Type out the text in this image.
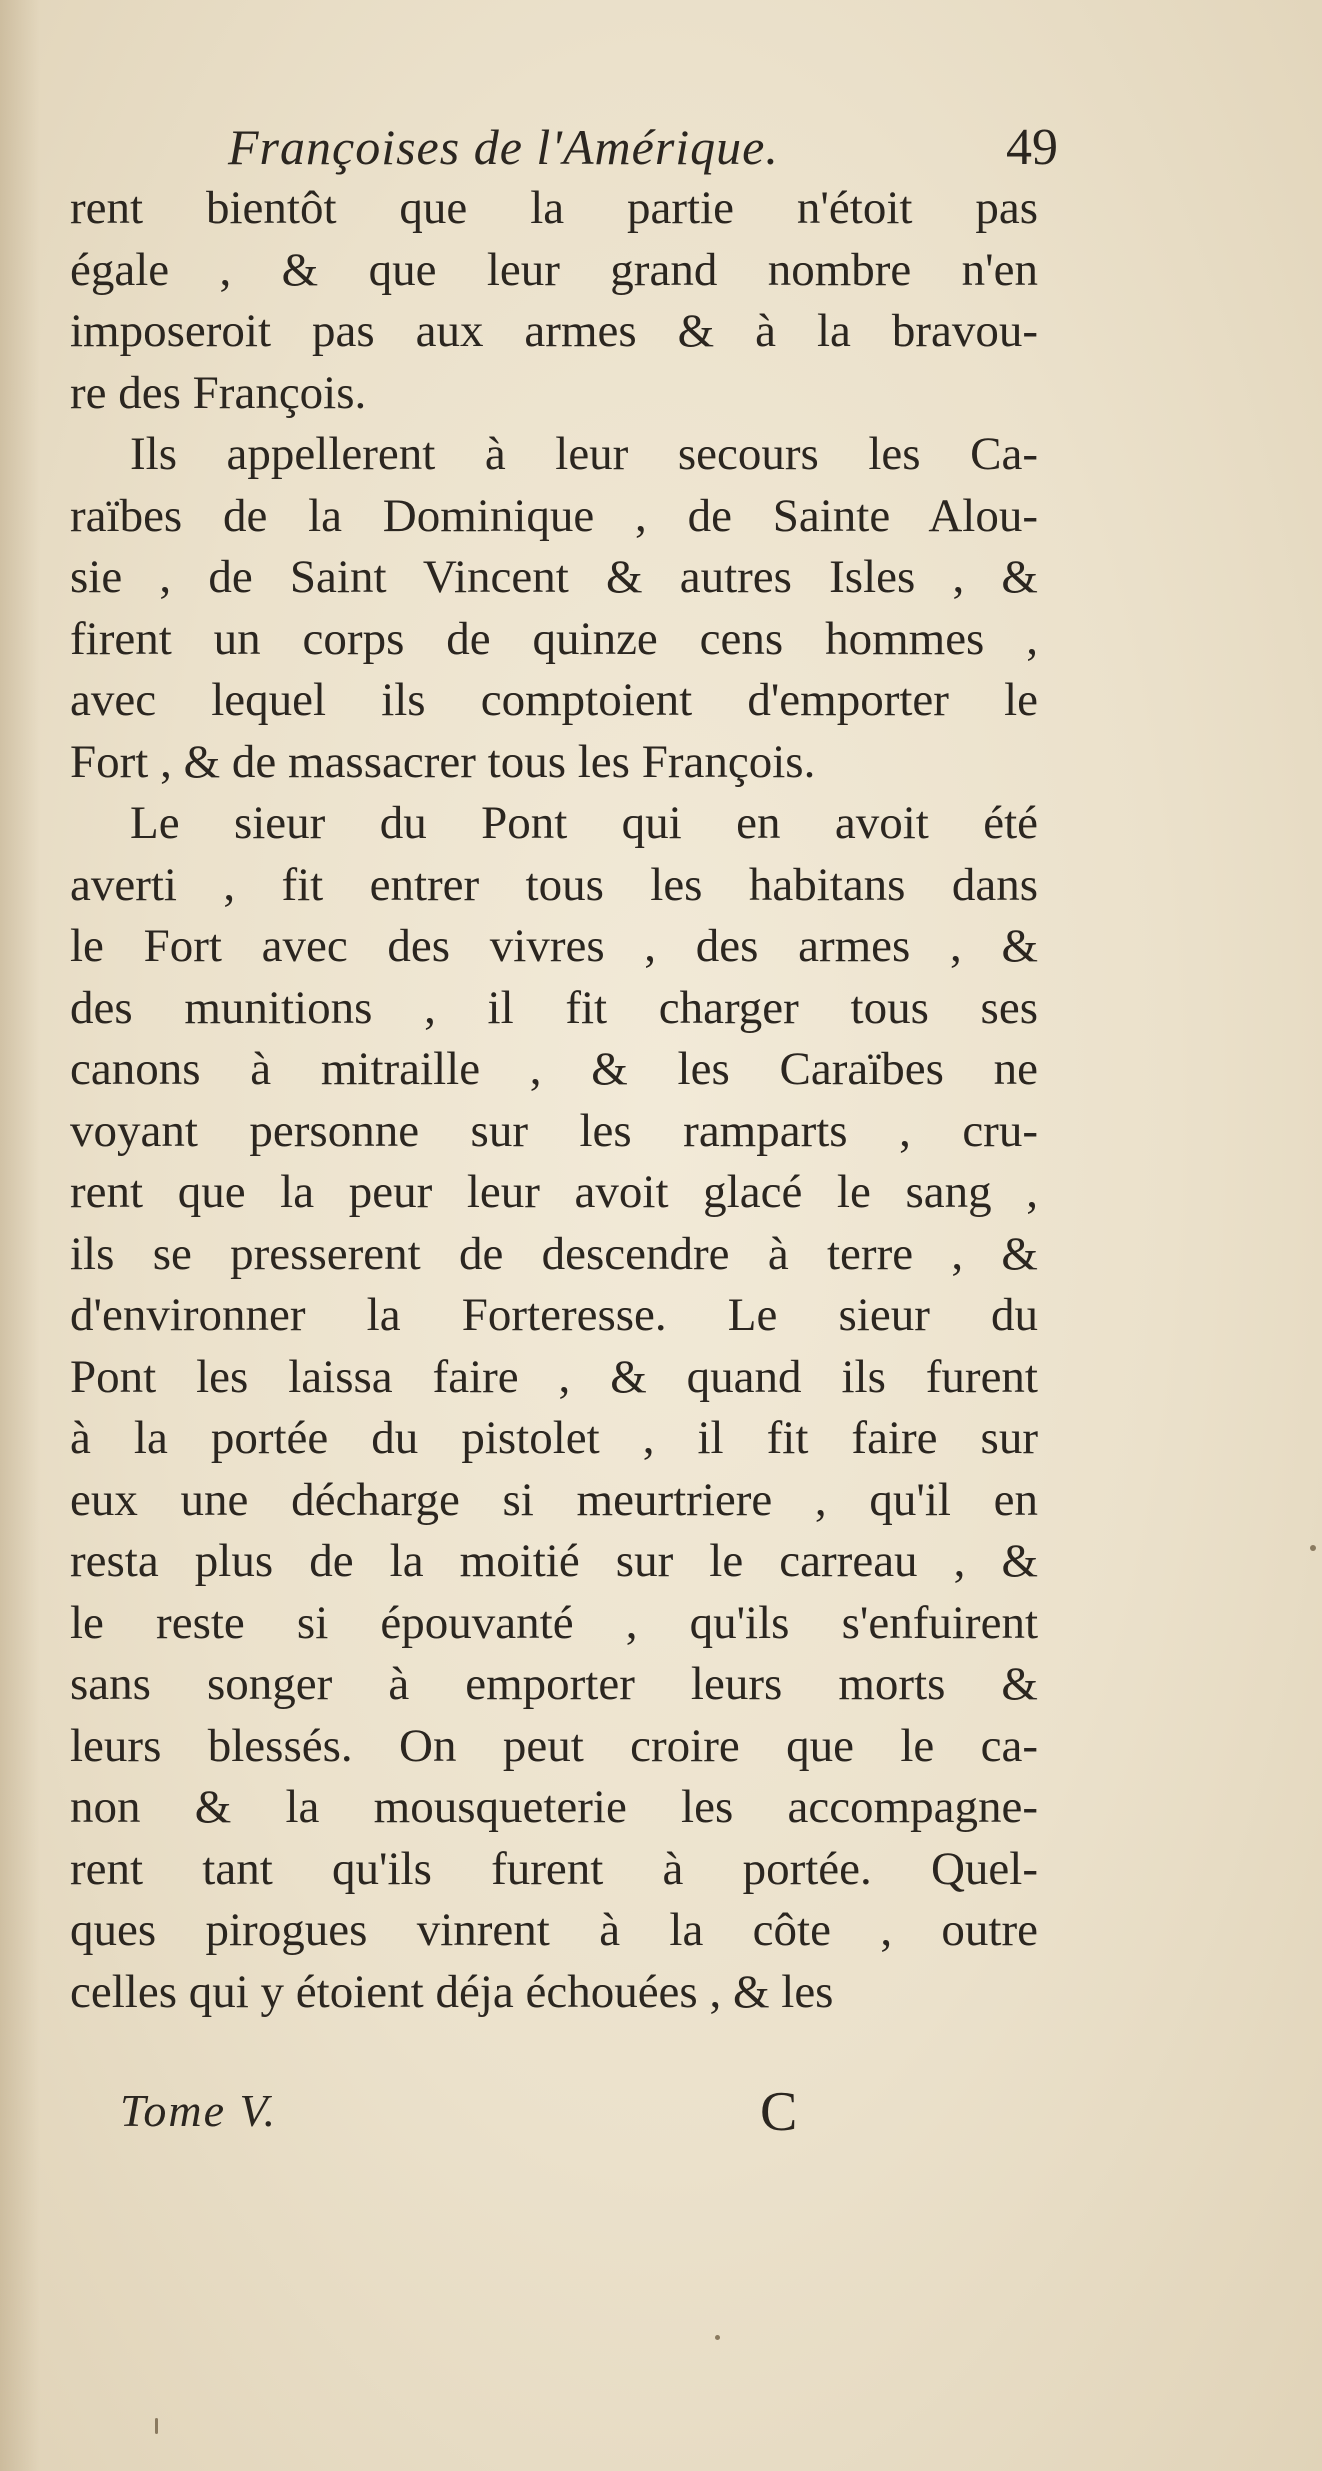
Françoises de l'Amérique.	49
rent bientôt que la partie n'étoit pas
égale , & que leur grand nombre n'en
imposeroit pas aux armes & à la bravou-
re des François.
Ils appellerent à leur secours les Ca-
raïbes de la Dominique , de Sainte Alou-
sie , de Saint Vincent & autres Isles , &
firent un corps de quinze cens hommes ,
avec lequel ils comptoient d'emporter le
Fort , & de massacrer tous les François.
Le sieur du Pont qui en avoit été
averti , fit entrer tous les habitans dans
le Fort avec des vivres , des armes , &
des munitions , il fit charger tous ses
canons à mitraille , & les Caraïbes ne
voyant personne sur les ramparts , cru-
rent que la peur leur avoit glacé le sang ,
ils se presserent de descendre à terre , &
d'environner la Forteresse. Le sieur du
Pont les laissa faire , & quand ils furent
à la portée du pistolet , il fit faire sur
eux une décharge si meurtriere , qu'il en
resta plus de la moitié sur le carreau , &
le reste si épouvanté , qu'ils s'enfuirent
sans songer à emporter leurs morts &
leurs blessés. On peut croire que le ca-
non & la mousqueterie les accompagne-
rent tant qu'ils furent à portée. Quel-
ques pirogues vinrent à la côte , outre
celles qui y étoient déja échouées , & les
Tome V.	C
